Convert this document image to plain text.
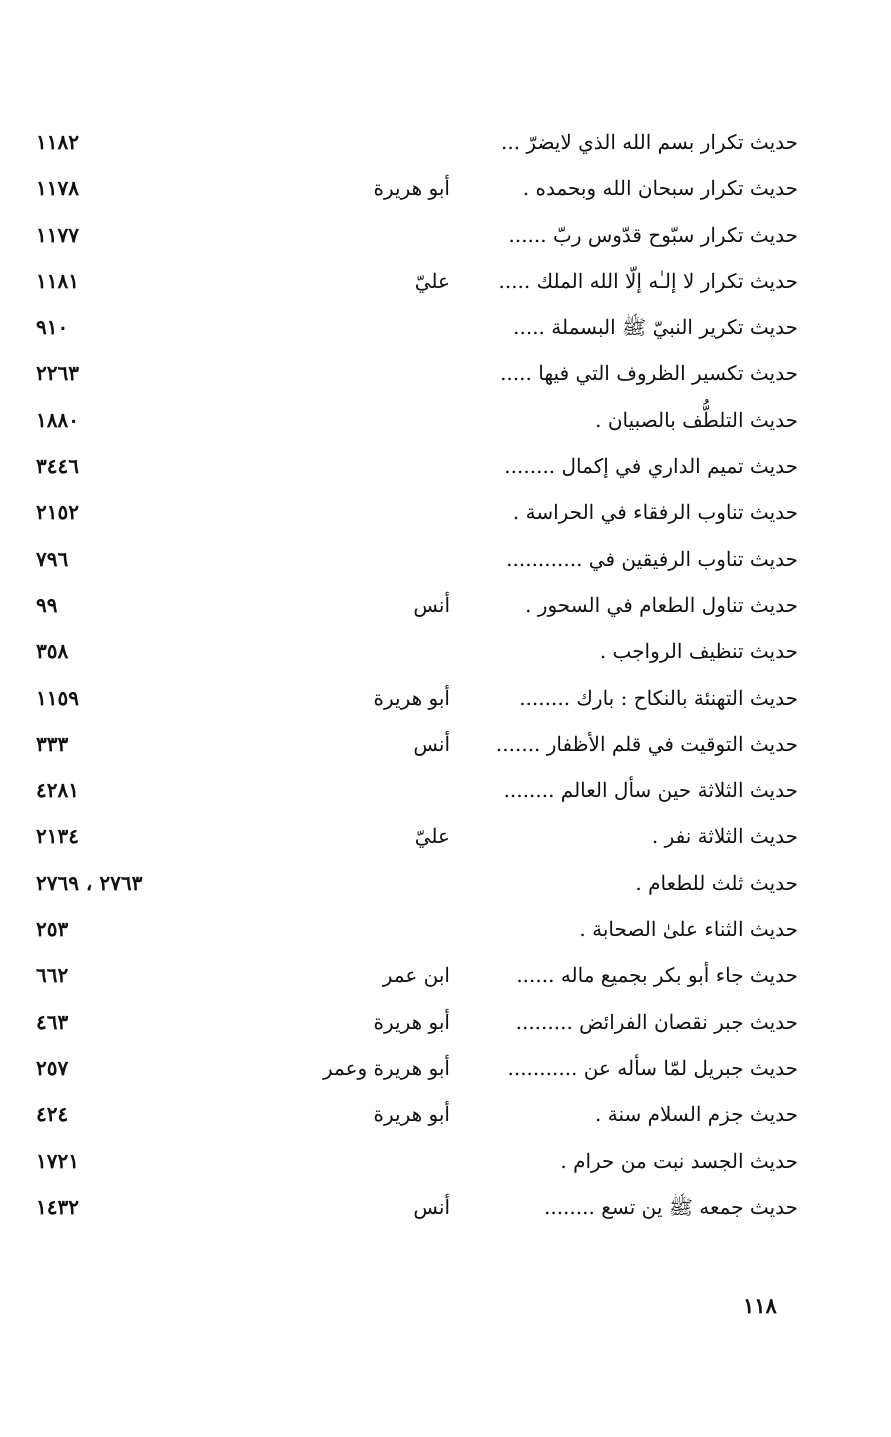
حديث تكرار بسم الله الذي لايضرّ ...
١١٨٢
حديث تكرار سبحان الله وبحمده .
أبو هريرة
١١٧٨
حديث تكرار سبّوح قدّوس ربّ ......
١١٧٧
حديث تكرار لا إلـٰه إلّا الله الملك .....
عليّ
١١٨١
حديث تكرير النبيّ ﷺ البسملة .....
٩١٠
حديث تكسير الظروف التي فيها .....
٢٢٦٣
حديث التلطُّف بالصبيان .
١٨٨٠
حديث تميم الداري في إكمال ........
٣٤٤٦
حديث تناوب الرفقاء في الحراسة .
٢١٥٢
حديث تناوب الرفيقين في ............
٧٩٦
حديث تناول الطعام في السحور .
أنس
٩٩
حديث تنظيف الرواجب .
٣٥٨
حديث التهنئة بالنكاح : بارك ........
أبو هريرة
١١٥٩
حديث التوقيت في قلم الأظفار .......
أنس
٣٣٣
حديث الثلاثة حين سأل العالم ........
٤٢٨١
حديث الثلاثة نفر .
عليّ
٢١٣٤
حديث ثلث للطعام .
٢٧٦٣ ، ٢٧٦٩
حديث الثناء علىٰ الصحابة .
٢٥٣
حديث جاء أبو بكر بجميع ماله ......
ابن عمر
٦٦٢
حديث جبر نقصان الفرائض .........
أبو هريرة
٤٦٣
حديث جبريل لمّا سأله عن ...........
أبو هريرة وعمر
٢٥٧
حديث جزم السلام سنة .
أبو هريرة
٤٢٤
حديث الجسد نبت من حرام .
١٧٢١
حديث جمعه ﷺ ين تسع ........
أنس
١٤٣٢
١١٨
